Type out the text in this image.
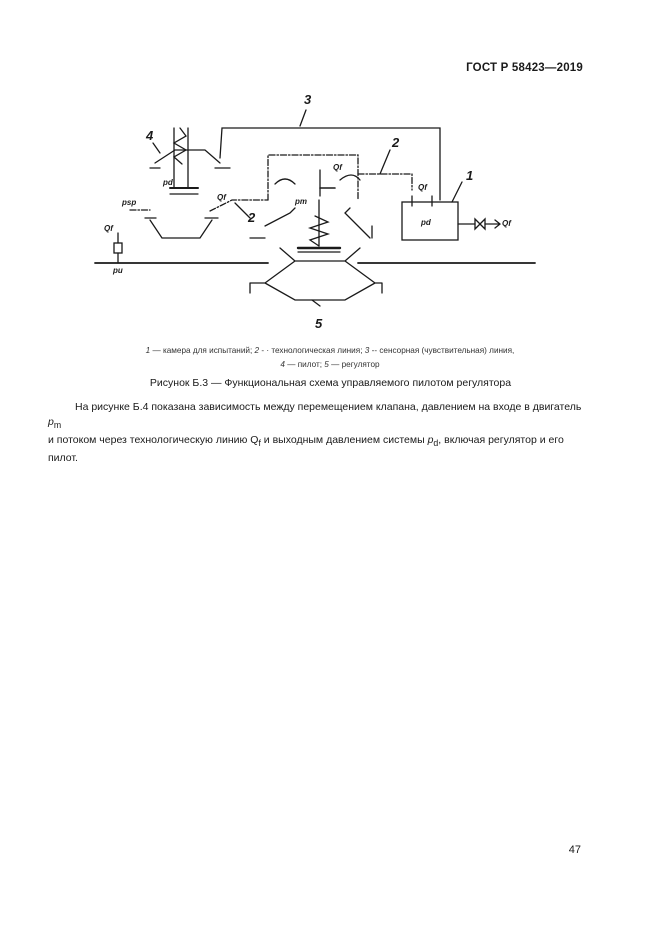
ГОСТ Р 58423—2019
3
2
1
4
2
5
Qf
Qf
Qf
Qf
Qf
pd
pd
psp	pm
pu
1 — камера для испытаний; 2 - · технологическая линия; 3 -- сенсорная (чувствительная) линия,
4 — пилот; 5 — регулятор
Рисунок Б.3 — Функциональная схема управляемого пилотом регулятора
На рисунке Б.4 показана зависимость между перемещением клапана, давлением на входе в двигатель $p_m$
и потоком через технологическую линию $Q_f$ и выходным давлением системы $p_d$, включая регулятор и его пилот.
47
